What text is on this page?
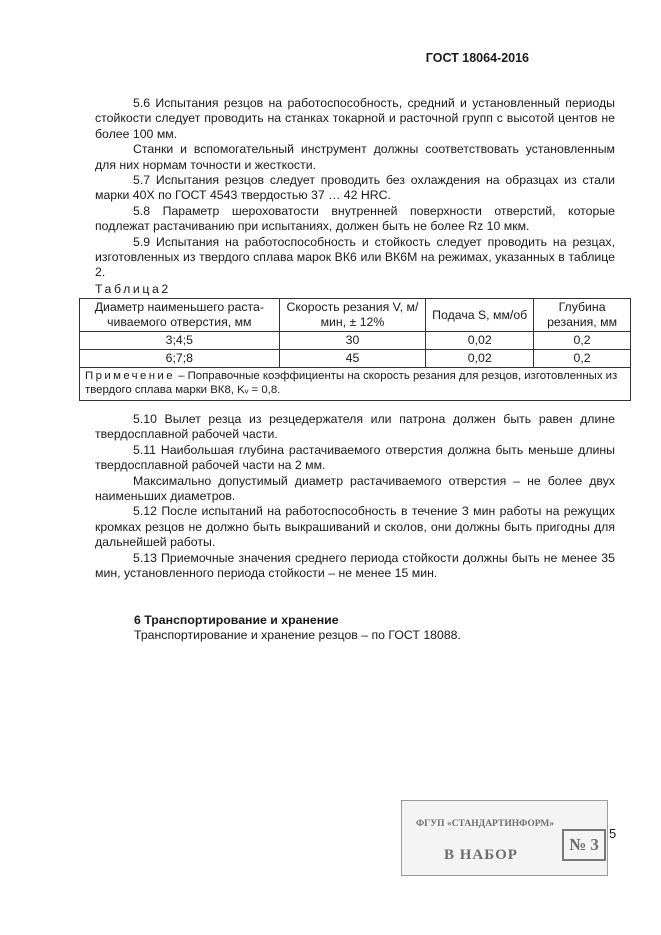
ГОСТ 18064-2016

5.6 Испытания резцов на работоспособность, средний и установленный периоды стойкости следует проводить на станках токарной и расточной групп с высотой центов не более 100 мм.

Станки и вспомогательный инструмент должны соответствовать установленным для них нормам точности и жесткости.

5.7 Испытания резцов следует проводить без охлаждения на образцах из стали марки 40Х по ГОСТ 4543 твердостью 37 … 42 HRC.

5.8 Параметр шероховатости внутренней поверхности отверстий, которые подлежат растачиванию при испытаниях, должен быть не более Rz 10 мкм.

5.9 Испытания на работоспособность и стойкость следует проводить на резцах, изготовленных из твердого сплава марок ВК6 или ВК6М на режимах, указанных в таблице 2.

Таблица2
Диаметр наименьшего раста-чиваемого отверстия, мм	Скорость резания V, м/мин, ± 12%	Подача S, мм/об	Глубина резания, мм
3;4;5	30	0,02	0,2
6;7;8	45	0,02	0,2
Примечение – Поправочные коэффициенты на скорость резания для резцов, изготовленных из твердого сплава марки ВК8, Kᵥ = 0,8.			

5.10 Вылет резца из резцедержателя или патрона должен быть равен длине твердосплавной рабочей части.

5.11 Наибольшая глубина растачиваемого отверстия должна быть меньше длины твердосплавной рабочей части на 2 мм.

Максимально допустимый диаметр растачиваемого отверстия – не более двух наименьших диаметров.

5.12 После испытаний на работоспособность в течение 3 мин работы на режущих кромках резцов не должно быть выкрашиваний и сколов, они должны быть пригодны для дальнейшей работы.

5.13 Приемочные значения среднего периода стойкости должны быть не менее 35 мин, установленного периода стойкости – не менее 15 мин.

6 Транспортирование и хранение
Транспортирование и хранение резцов – по ГОСТ 18088.
ФГУП «СТАНДАРТИНФОРМ»
В НАБОР
№ 3
5
